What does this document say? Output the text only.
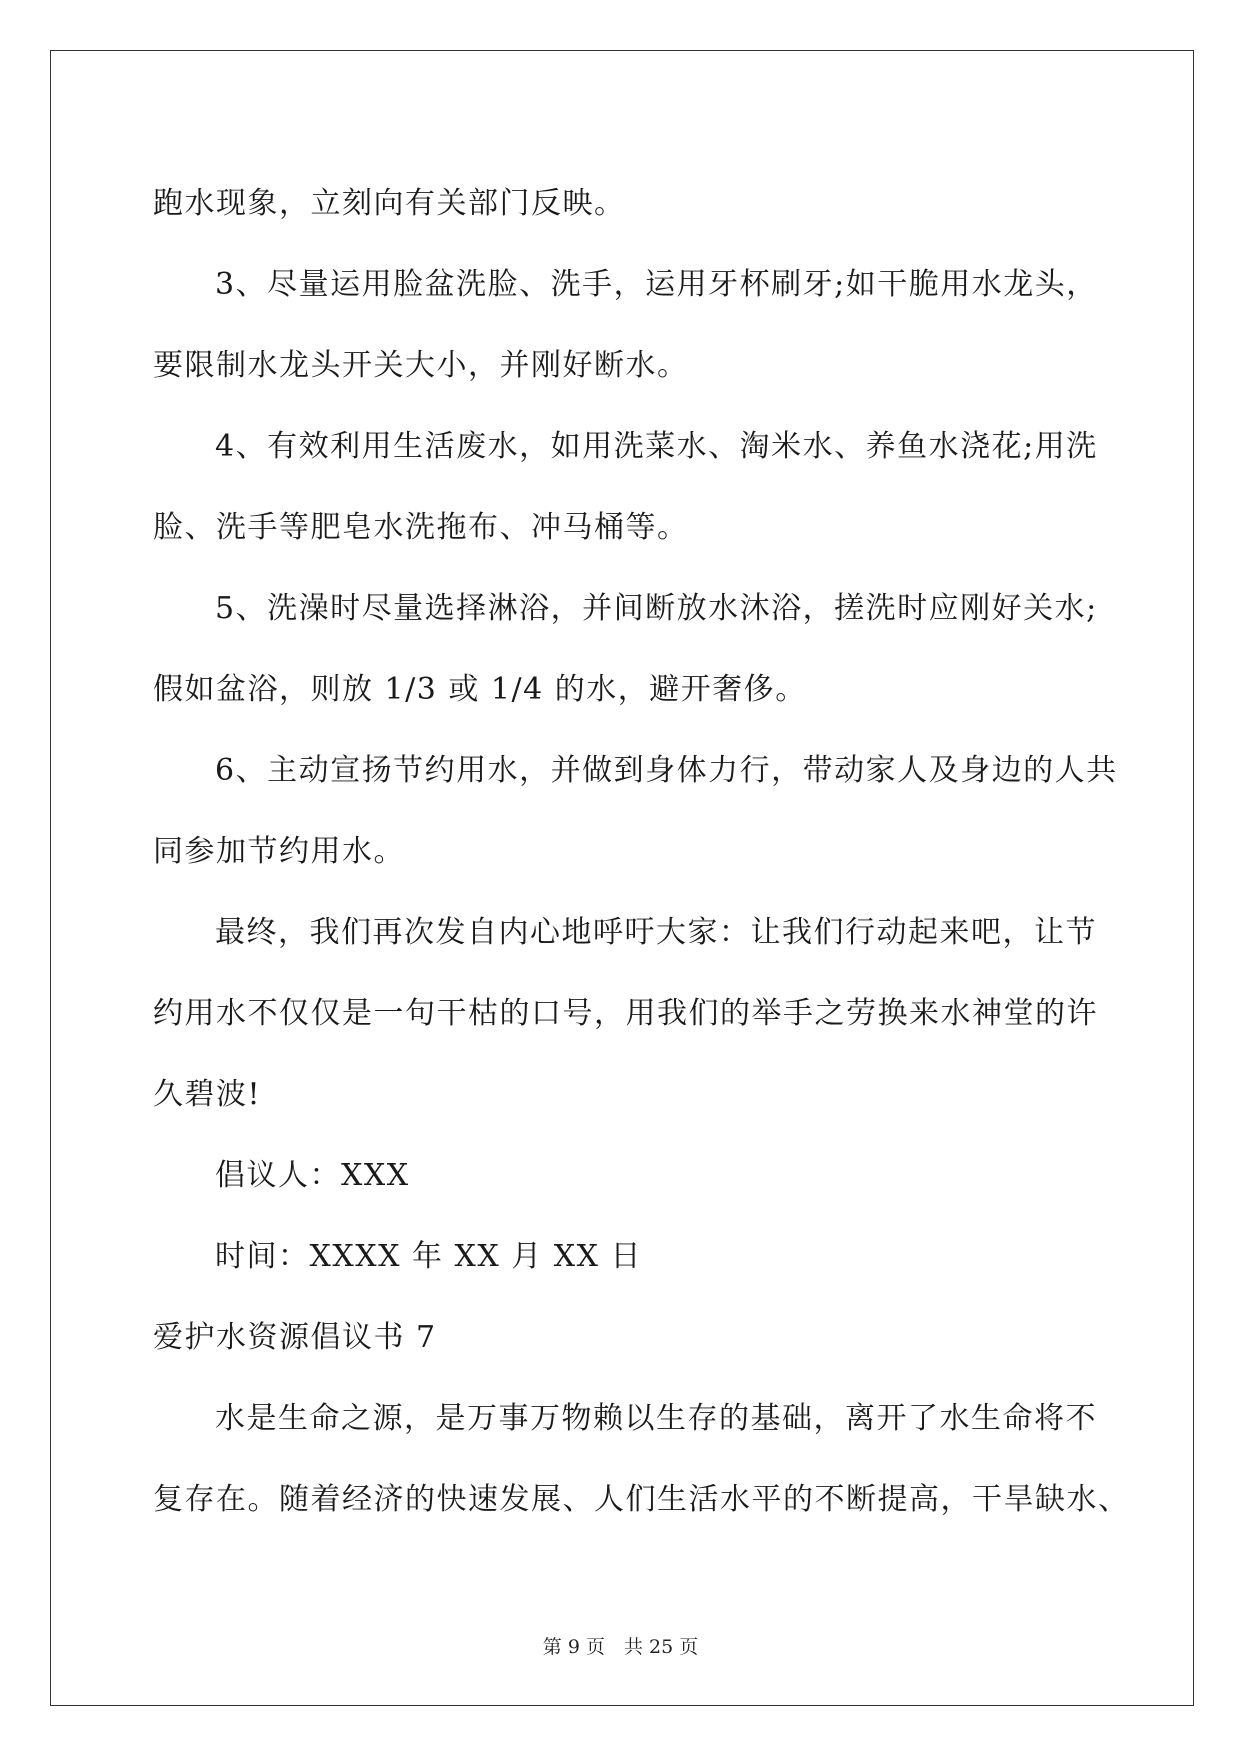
跑水现象，立刻向有关部门反映。
3、尽量运用脸盆洗脸、洗手，运用牙杯刷牙;如干脆用水龙头，
要限制水龙头开关大小，并刚好断水。
4、有效利用生活废水，如用洗菜水、淘米水、养鱼水浇花;用洗
脸、洗手等肥皂水洗拖布、冲马桶等。
5、洗澡时尽量选择淋浴，并间断放水沐浴，搓洗时应刚好关水;
假如盆浴，则放 1/3 或 1/4 的水，避开奢侈。
6、主动宣扬节约用水，并做到身体力行，带动家人及身边的人共
同参加节约用水。
最终，我们再次发自内心地呼吁大家：让我们行动起来吧，让节
约用水不仅仅是一句干枯的口号，用我们的举手之劳换来水神堂的许
久碧波!
倡议人：XXX
时间：XXXX 年 XX 月 XX 日
爱护水资源倡议书 7
水是生命之源，是万事万物赖以生存的基础，离开了水生命将不
复存在。随着经济的快速发展、人们生活水平的不断提高，干旱缺水、
第 9 页　共 25 页
